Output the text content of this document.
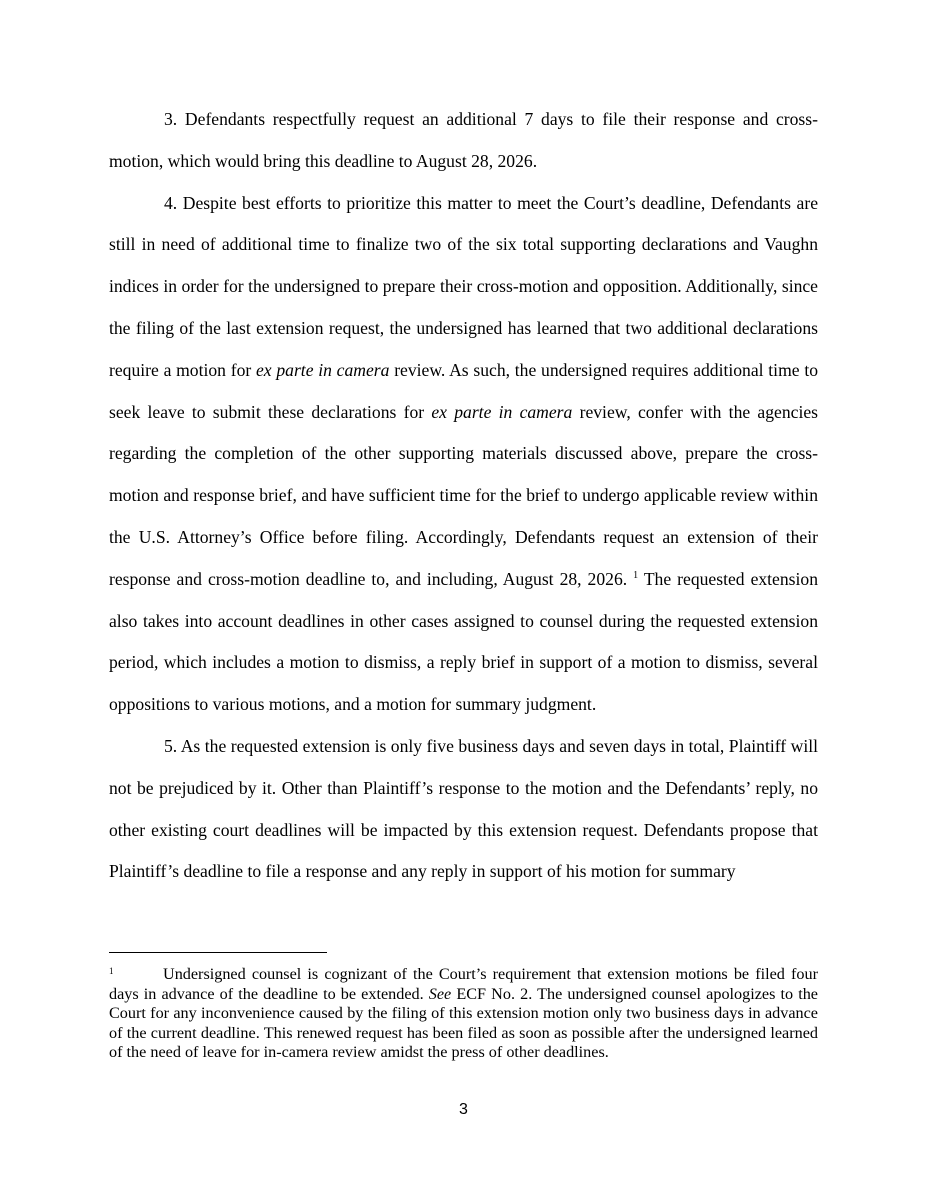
3. Defendants respectfully request an additional 7 days to file their response and cross-motion, which would bring this deadline to August 28, 2026.

4. Despite best efforts to prioritize this matter to meet the Court’s deadline, Defendants are still in need of additional time to finalize two of the six total supporting declarations and Vaughn indices in order for the undersigned to prepare their cross-motion and opposition. Additionally, since the filing of the last extension request, the undersigned has learned that two additional declarations require a motion for ex parte in camera review. As such, the undersigned requires additional time to seek leave to submit these declarations for ex parte in camera review, confer with the agencies regarding the completion of the other supporting materials discussed above, prepare the cross-motion and response brief, and have sufficient time for the brief to undergo applicable review within the U.S. Attorney’s Office before filing. Accordingly, Defendants request an extension of their response and cross-motion deadline to, and including, August 28, 2026. $^1$ The requested extension also takes into account deadlines in other cases assigned to counsel during the requested extension period, which includes a motion to dismiss, a reply brief in support of a motion to dismiss, several oppositions to various motions, and a motion for summary judgment.

5. As the requested extension is only five business days and seven days in total, Plaintiff will not be prejudiced by it. Other than Plaintiff’s response to the motion and the Defendants’ reply, no other existing court deadlines will be impacted by this extension request. Defendants propose that Plaintiff’s deadline to file a response and any reply in support of his motion for summary

1	Undersigned counsel is cognizant of the Court’s requirement that extension motions be filed four days in advance of the deadline to be extended. See ECF No. 2. The undersigned counsel apologizes to the Court for any inconvenience caused by the filing of this extension motion only two business days in advance of the current deadline. This renewed request has been filed as soon as possible after the undersigned learned of the need of leave for in-camera review amidst the press of other deadlines.

3
